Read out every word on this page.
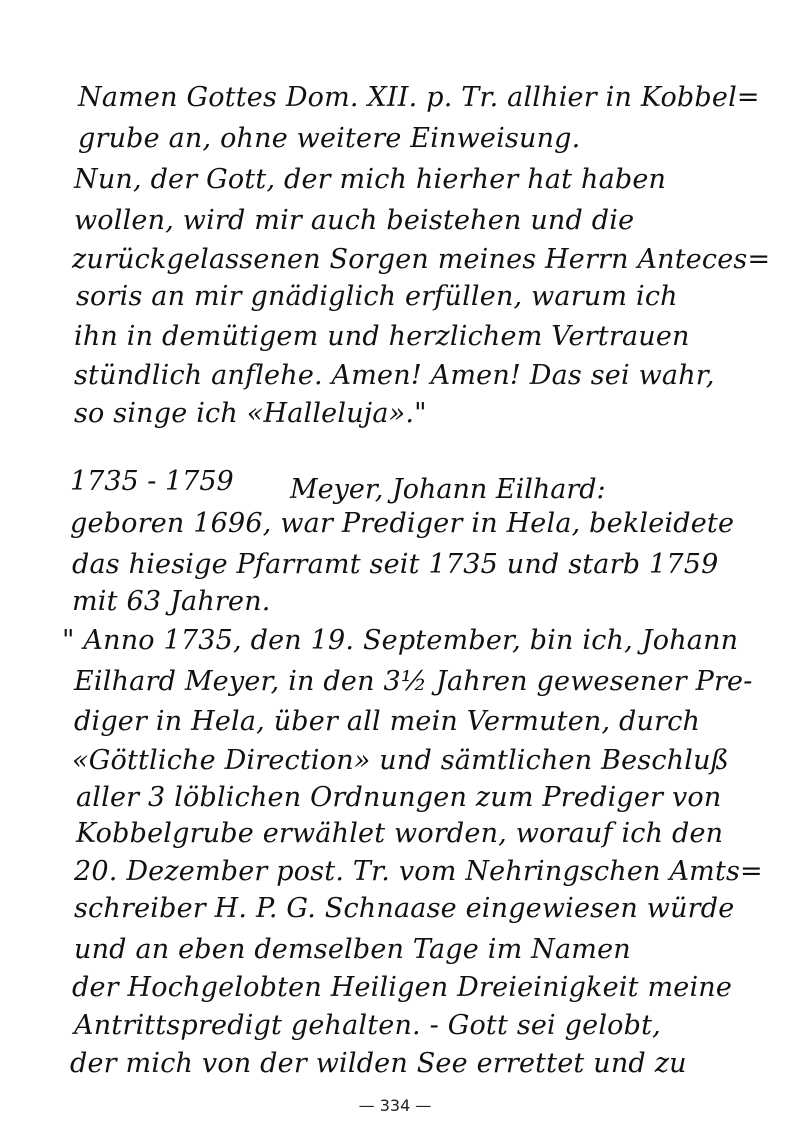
Namen Gottes Dom. XII. p. Tr. allhier in Kobbel=
grube an, ohne weitere Einweisung.
Nun, der Gott, der mich hierher hat haben
wollen, wird mir auch beistehen und die
zurückgelassenen Sorgen meines Herrn Anteces=
soris an mir gnädiglich erfüllen, warum ich
ihn in demütigem und herzlichem Vertrauen
stündlich anflehe. Amen! Amen! Das sei wahr,
so singe ich «Halleluja»."
1735 - 1759 Meyer, Johann Eilhard:
geboren 1696, war Prediger in Hela, bekleidete
das hiesige Pfarramt seit 1735 und starb 1759
mit 63 Jahren.
" Anno 1735, den 19. September, bin ich, Johann
Eilhard Meyer, in den 3½ Jahren gewesener Pre-
diger in Hela, über all mein Vermuten, durch
«Göttliche Direction» und sämtlichen Beschluß
aller 3 löblichen Ordnungen zum Prediger von
Kobbelgrube erwählet worden, worauf ich den
20. Dezember post. Tr. vom Nehringschen Amts=
schreiber H. P. G. Schnaase eingewiesen würde
und an eben demselben Tage im Namen
der Hochgelobten Heiligen Dreieinigkeit meine
Antrittspredigt gehalten. - Gott sei gelobt,
der mich von der wilden See errettet und zu
— 334 —
